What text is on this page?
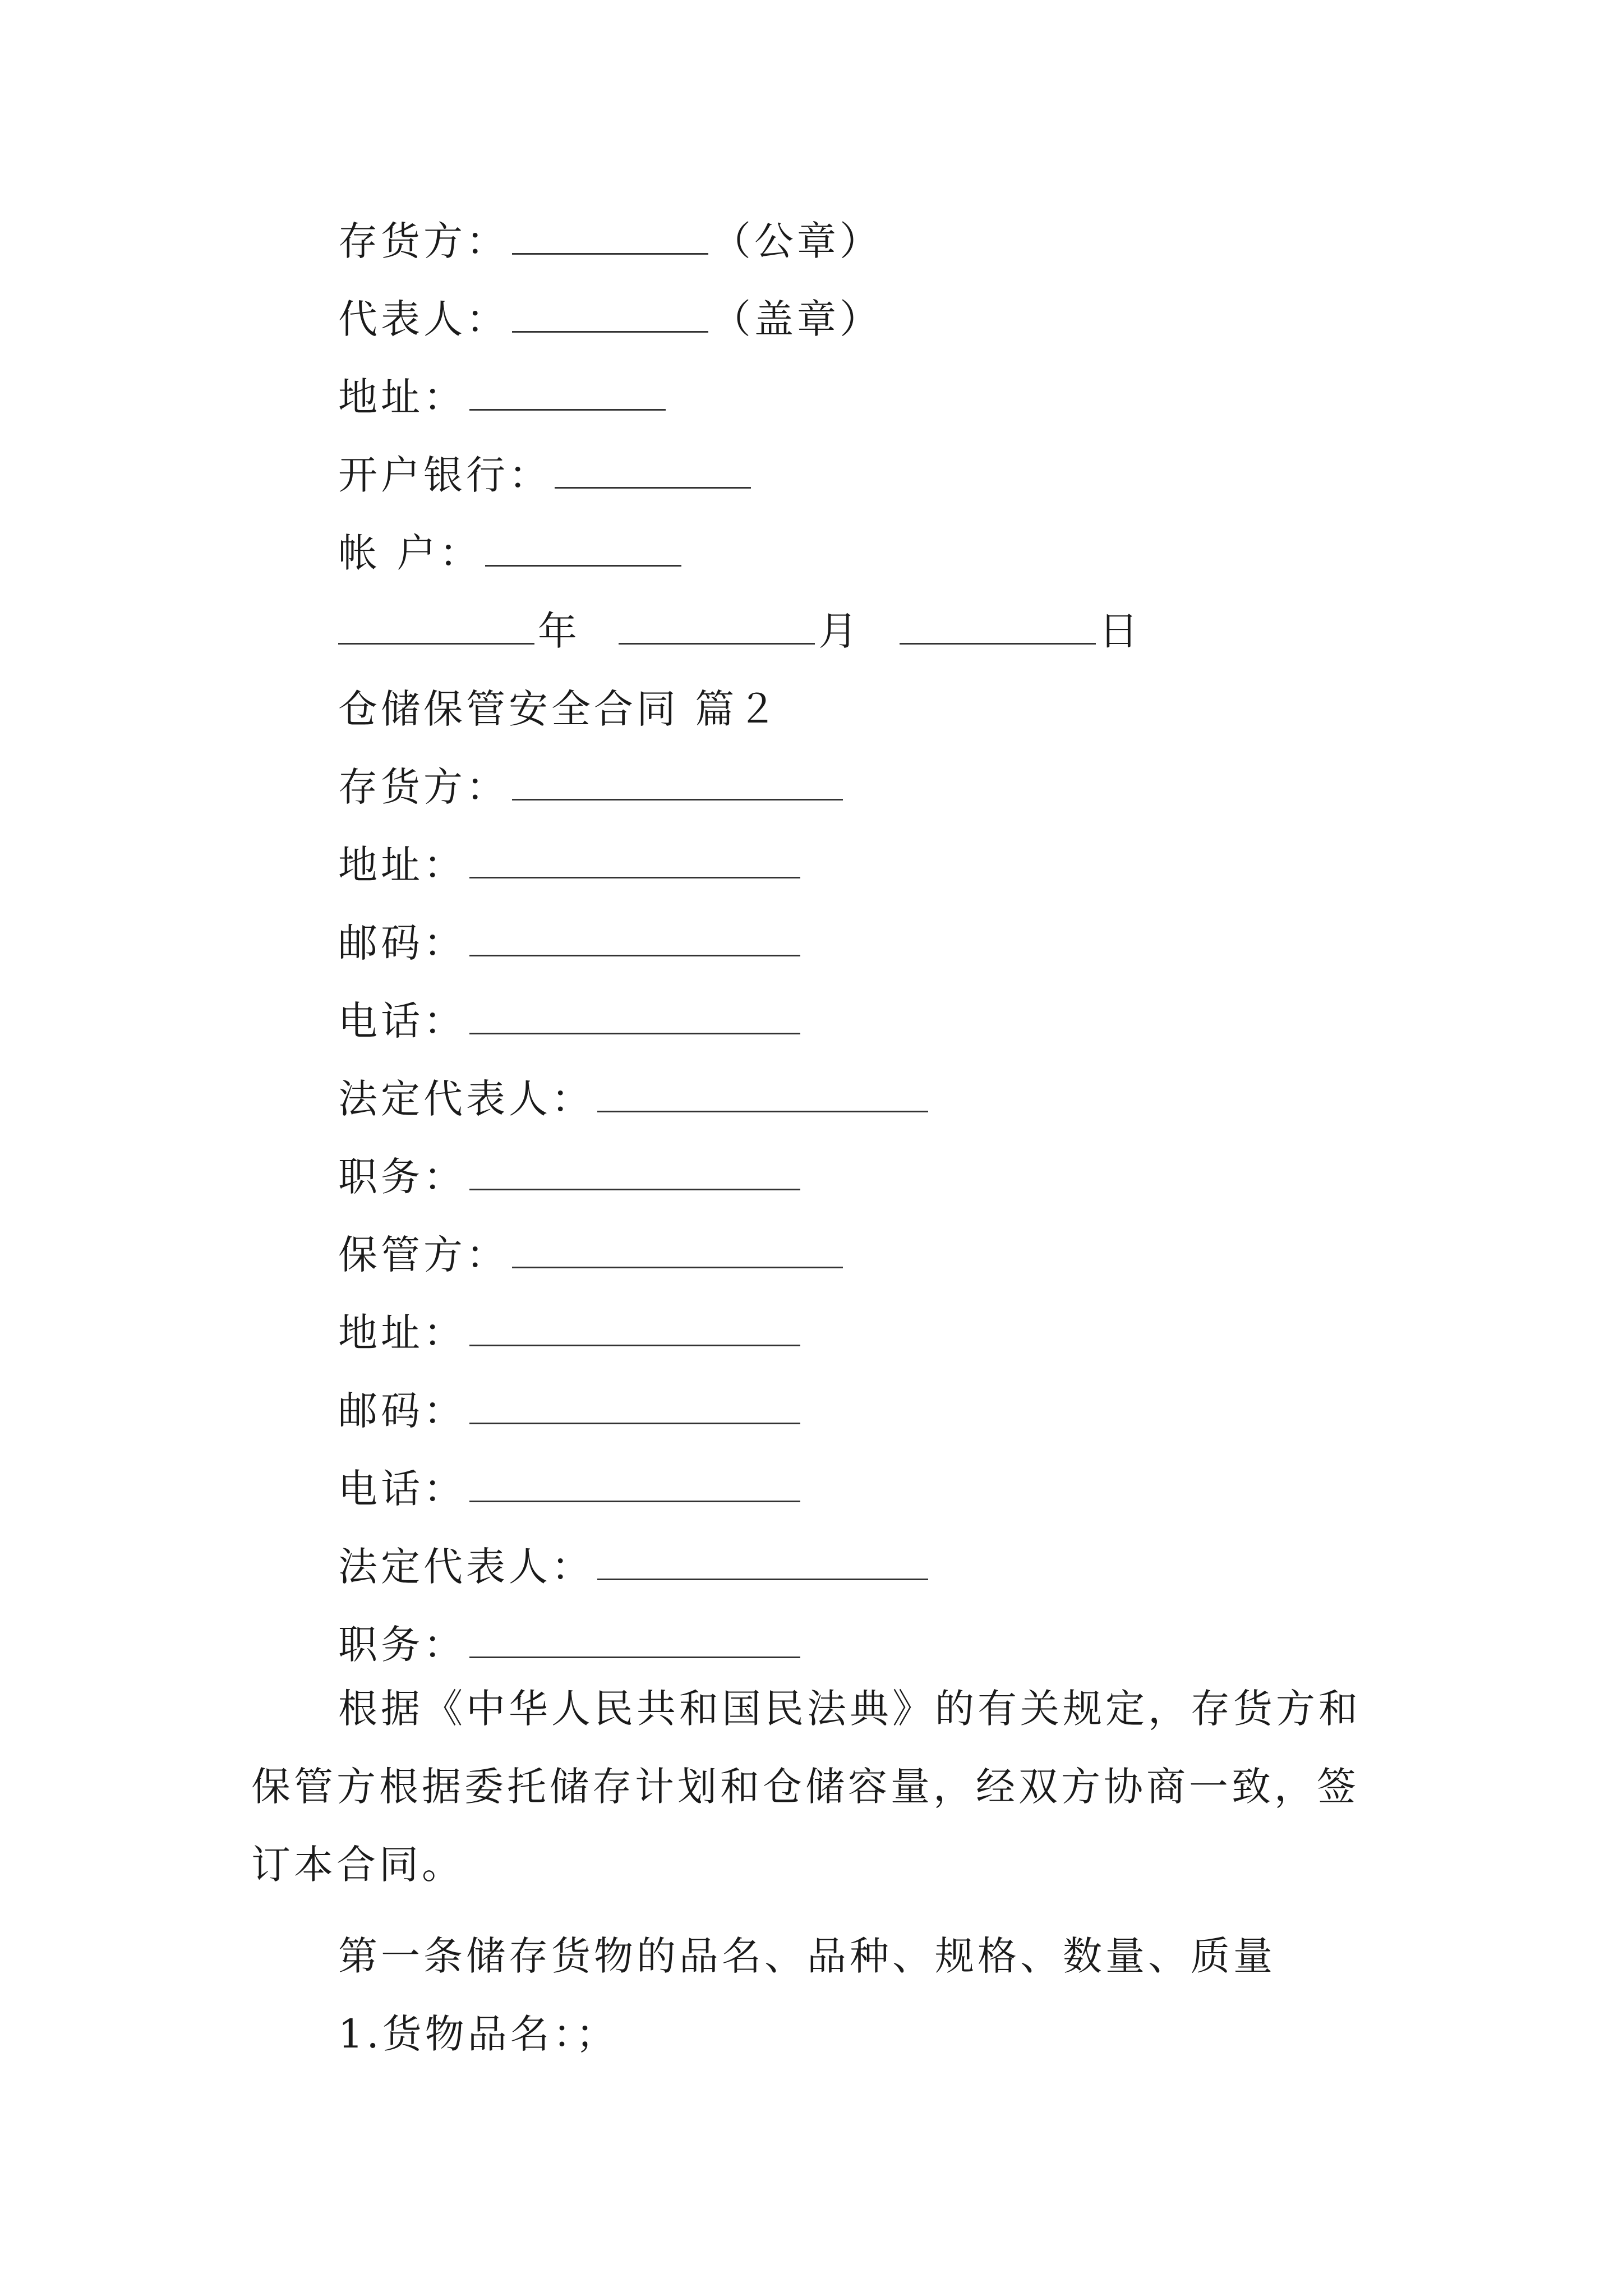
存货方：	（公章）
代表人：	（盖章）
地址：
开户银行：
帐 户：
年	月	日
仓储保管安全合同 篇２
存货方：
地址：
邮码：
电话：
法定代表人：
职务：
保管方：
地址：
邮码：
电话：
法定代表人：
职务：
根据《中华人民共和国民法典》的有关规定，存货方和保管方根据委托储存计划和仓储容量，经双方协商一致，签订本合同。
第一条储存货物的品名、品种、规格、数量、质量
1.货物品名：；
